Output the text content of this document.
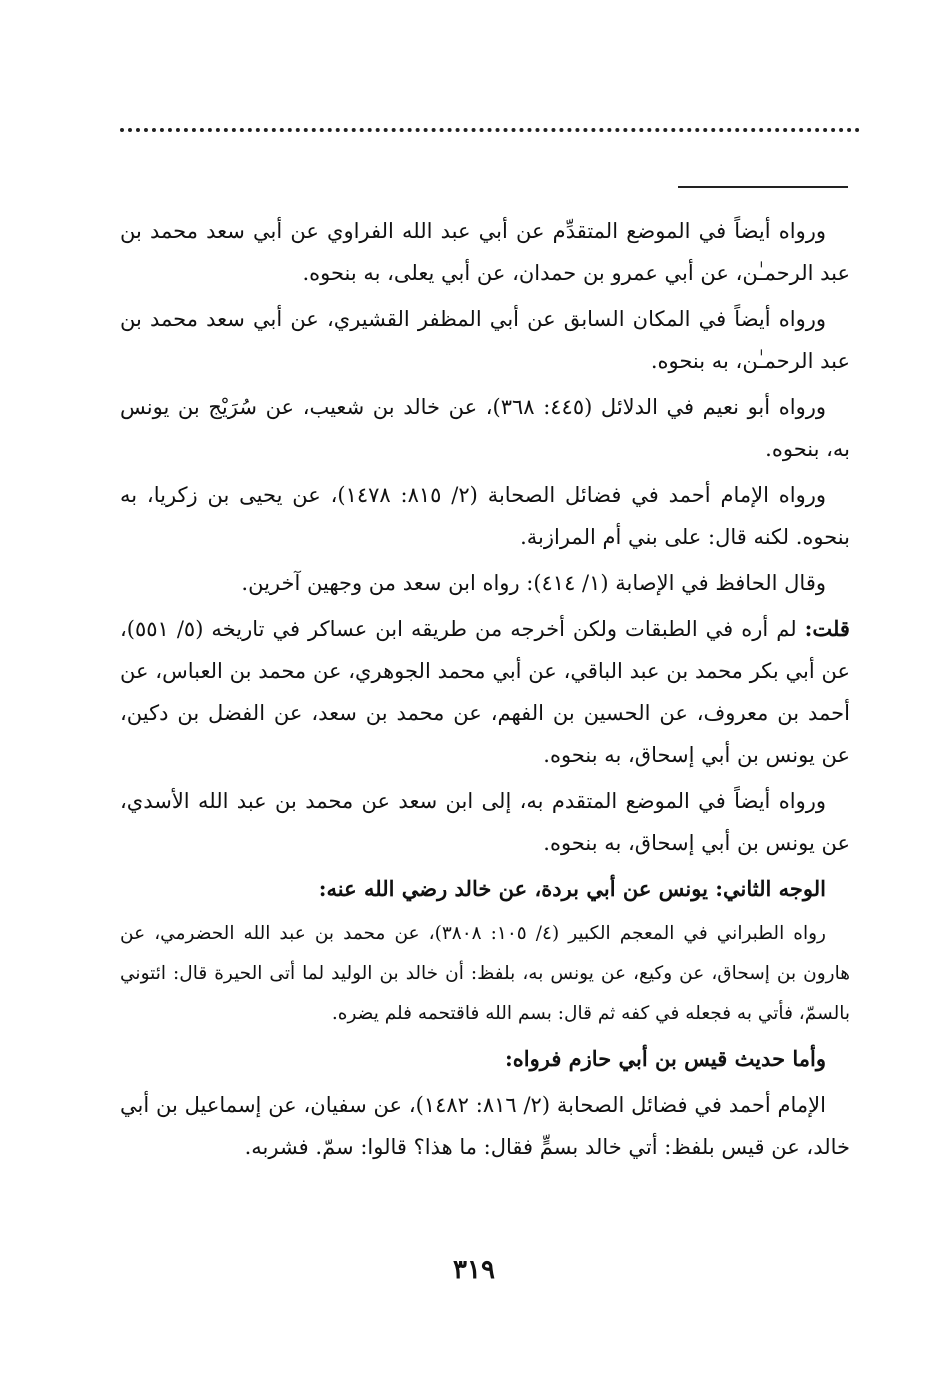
ورواه أيضاً في الموضع المتقدِّم عن أبي عبد الله الفراوي عن أبي سعد محمد بن عبد الرحمـٰن، عن أبي عمرو بن حمدان، عن أبي يعلى، به بنحوه.

ورواه أيضاً في المكان السابق عن أبي المظفر القشيري، عن أبي سعد محمد بن عبد الرحمـٰن، به بنحوه.

ورواه أبو نعيم في الدلائل (٤٤٥: ٣٦٨)، عن خالد بن شعيب، عن سُرَيْج بن يونس به، بنحوه.

ورواه الإمام أحمد في فضائل الصحابة (٢/ ٨١٥: ١٤٧٨)، عن يحيى بن زكريا، به بنحوه. لكنه قال: على بني أم المرازبة.

وقال الحافظ في الإصابة (١/ ٤١٤): رواه ابن سعد من وجهين آخرين.

قلت: لم أره في الطبقات ولكن أخرجه من طريقه ابن عساكر في تاريخه (٥/ ٥٥١)، عن أبي بكر محمد بن عبد الباقي، عن أبي محمد الجوهري، عن محمد بن العباس، عن أحمد بن معروف، عن الحسين بن الفهم، عن محمد بن سعد، عن الفضل بن دكين، عن يونس بن أبي إسحاق، به بنحوه.

ورواه أيضاً في الموضع المتقدم به، إلى ابن سعد عن محمد بن عبد الله الأسدي، عن يونس بن أبي إسحاق، به بنحوه.

الوجه الثاني: يونس عن أبي بردة، عن خالد رضي الله عنه:

رواه الطبراني في المعجم الكبير (٤/ ١٠٥: ٣٨٠٨)، عن محمد بن عبد الله الحضرمي، عن هارون بن إسحاق، عن وكيع، عن يونس به، بلفظ: أن خالد بن الوليد لما أتى الحيرة قال: ائتوني بالسمّ، فأتي به فجعله في كفه ثم قال: بسم الله فاقتحمه فلم يضره.

وأما حديث قيس بن أبي حازم فرواه:

الإمام أحمد في فضائل الصحابة (٢/ ٨١٦: ١٤٨٢)، عن سفيان، عن إسماعيل بن أبي خالد، عن قيس بلفظ: أتي خالد بسمٍّ فقال: ما هذا؟ قالوا: سمّ. فشربه.

٣١٩
